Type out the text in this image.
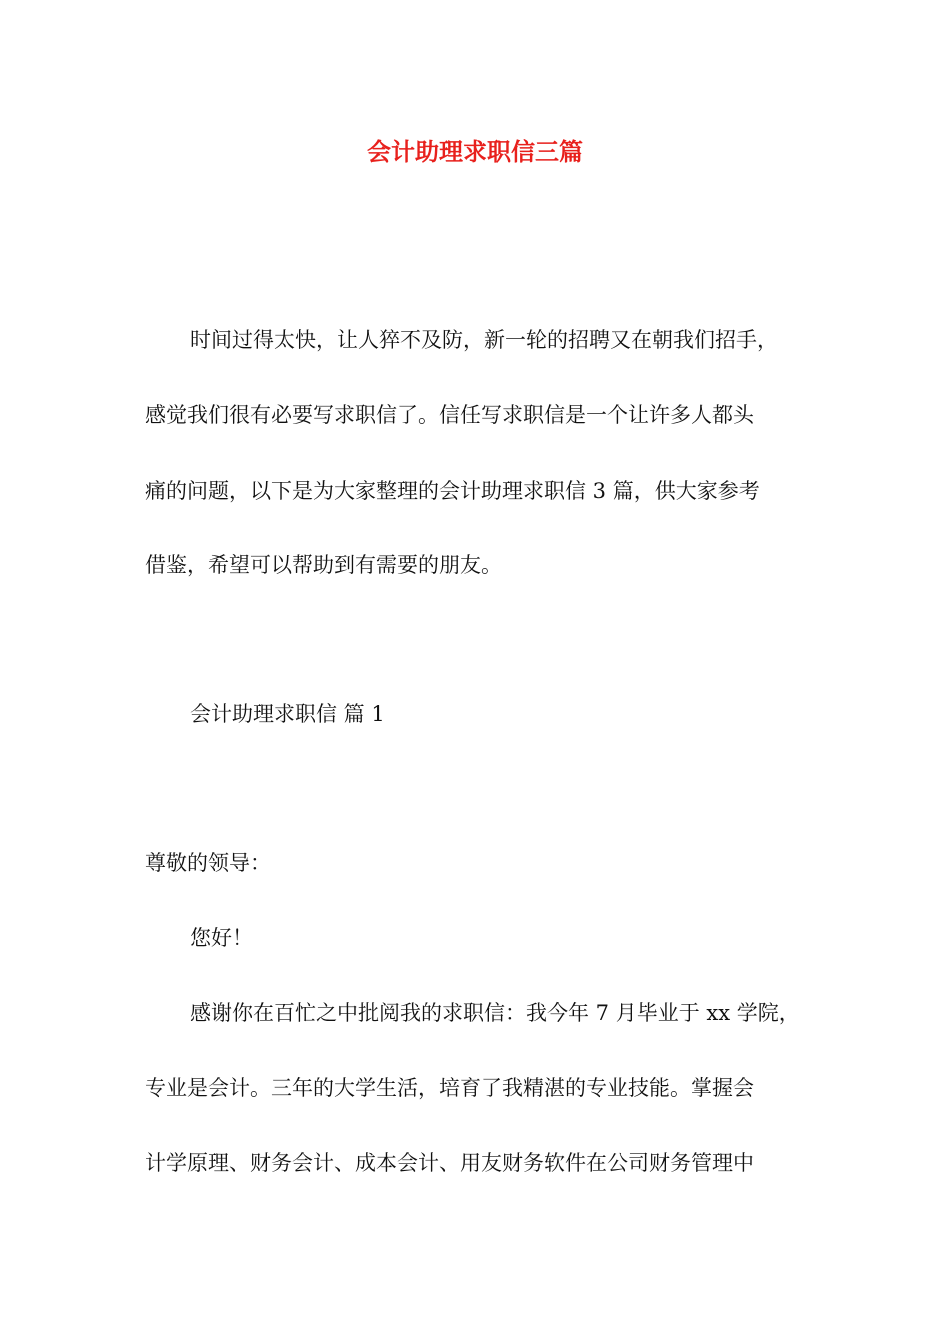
会计助理求职信三篇

时间过得太快，让人猝不及防，新一轮的招聘又在朝我们招手，

感觉我们很有必要写求职信了。信任写求职信是一个让许多人都头

痛的问题，以下是为大家整理的会计助理求职信 3 篇，供大家参考

借鉴，希望可以帮助到有需要的朋友。

会计助理求职信 篇 1

尊敬的领导：

您好！

感谢你在百忙之中批阅我的求职信：我今年 7 月毕业于 xx 学院，

专业是会计。三年的大学生活，培育了我精湛的专业技能。掌握会

计学原理、财务会计、成本会计、用友财务软件在公司财务管理中
